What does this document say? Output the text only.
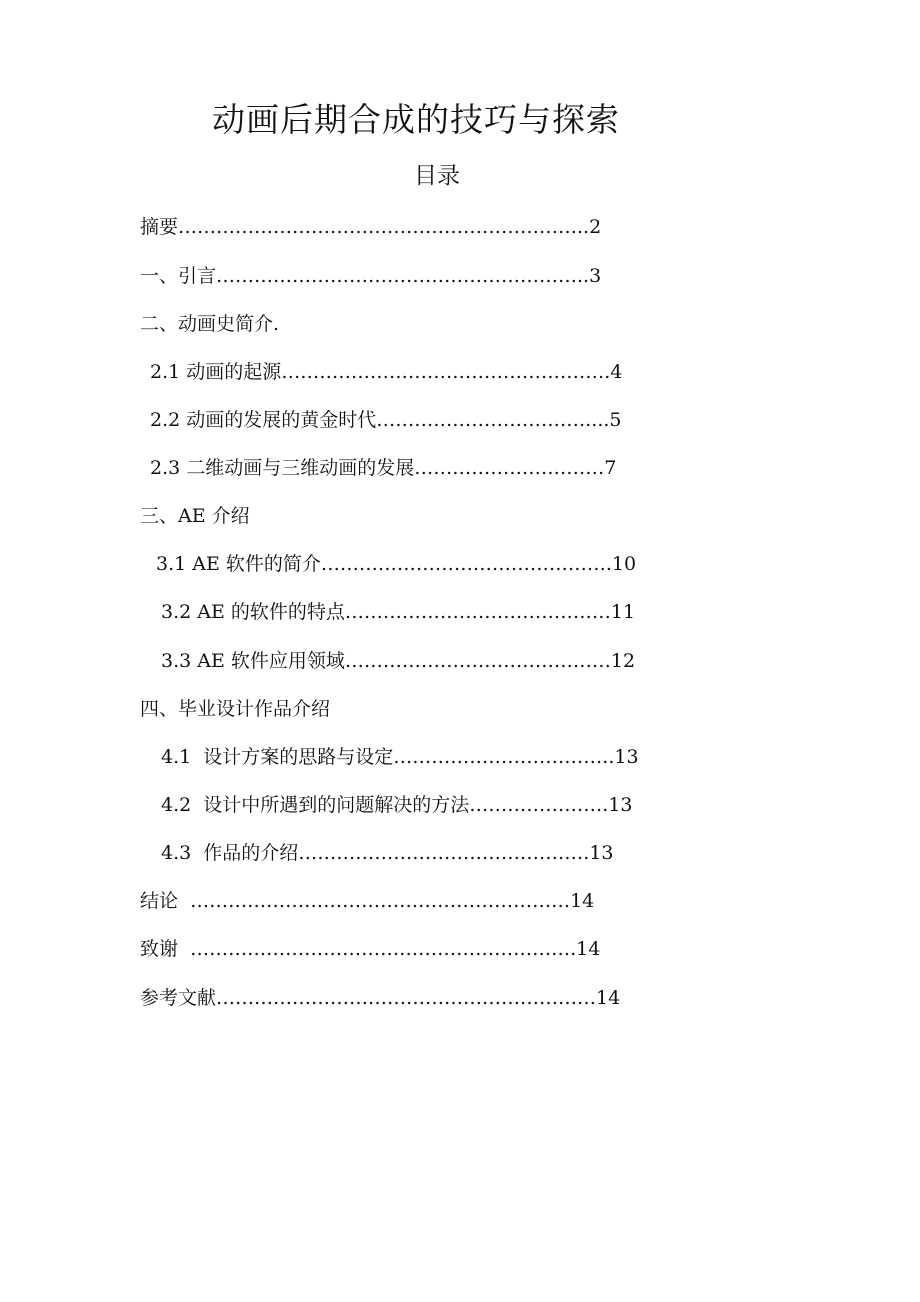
动画后期合成的技巧与探索
目录
摘要………………………………………………………..2
一、引言…………………………………………………..3
二、动画史简介.
2.1 动画的起源…………………………………………….4
2.2 动画的发展的黄金时代……………………………....5
2.3 二维动画与三维动画的发展…………………………7
三、AE 介绍
3.1 AE 软件的简介……………………………………….10
3.2 AE 的软件的特点……………………………………11
3.3 AE 软件应用领域……………………………………12
四、毕业设计作品介绍
4.1  设计方案的思路与设定……………………………..13
4.2  设计中所遇到的问题解决的方法………………….13
4.3  作品的介绍……………………………………….13
结论  ……………………………………………………14
致谢  …………………………………………………….14
参考文献……………………………………………………14
